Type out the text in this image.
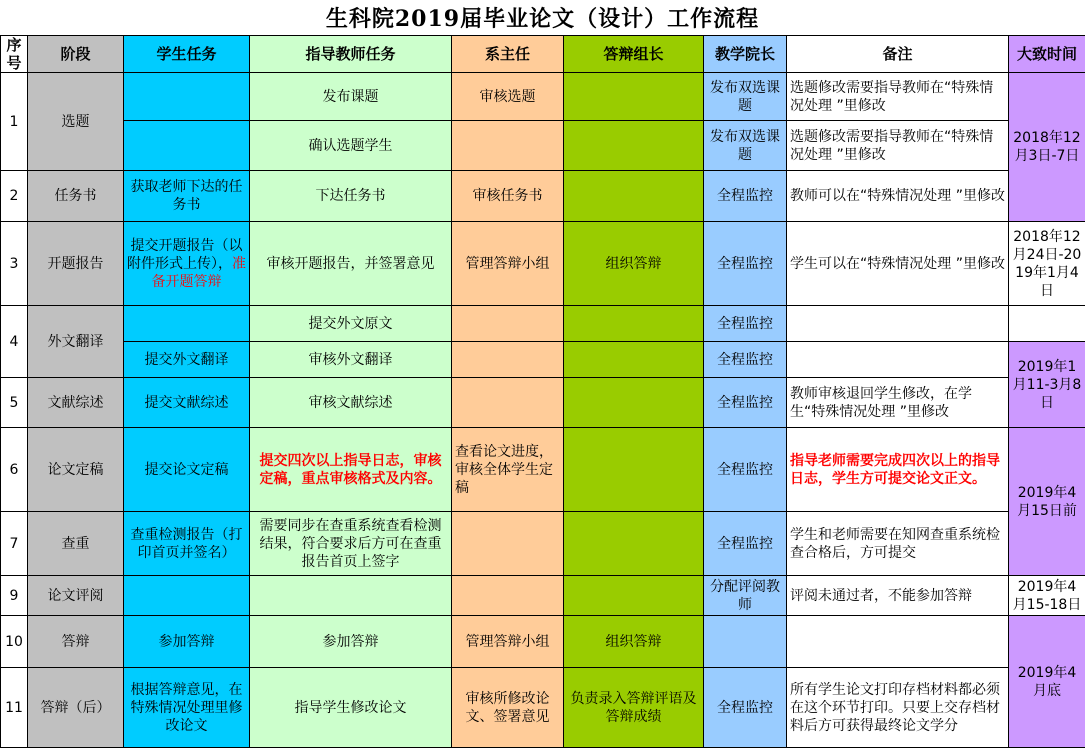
生科院2019届毕业论文（设计）工作流程
序号	阶段	学生任务	指导教师任务	系主任	答辩组长	教学院长	备注	大致时间
1	选题		发布课题	审核选题		发布双选课题	选题修改需要指导教师在“特殊情况处理 ”里修改	2018年12月3日-7日
			确认选题学生			发布双选课题	选题修改需要指导教师在“特殊情况处理 ”里修改	
2	任务书	获取老师下达的任务书	下达任务书	审核任务书		全程监控	教师可以在“特殊情况处理 ”里修改	
3	开题报告	提交开题报告（以附件形式上传），准备开题答辩	审核开题报告，并签署意见	管理答辩小组	组织答辩	全程监控	学生可以在“特殊情况处理 ”里修改	2018年12月24日-2019年1月4日
4	外文翻译		提交外文原文			全程监控		
		提交外文翻译	审核外文翻译			全程监控		2019年1月11-3月8日
5	文献综述	提交文献综述	审核文献综述			全程监控	教师审核退回学生修改，在学生“特殊情况处理 ”里修改	
6	论文定稿	提交论文定稿	提交四次以上指导日志，审核定稿，重点审核格式及内容。	查看论文进度，审核全体学生定稿		全程监控	指导老师需要完成四次以上的指导日志，学生方可提交论文正文。	2019年4月15日前
7	查重	查重检测报告（打印首页并签名）	需要同步在查重系统查看检测结果，符合要求后方可在查重报告首页上签字			全程监控	学生和老师需要在知网查重系统检查合格后，方可提交	
9	论文评阅					分配评阅教师	评阅未通过者，不能参加答辩	2019年4月15-18日
10	答辩	参加答辩	参加答辩	管理答辩小组	组织答辩			2019年4月底
11	答辩（后）	根据答辩意见，在特殊情况处理里修改论文	指导学生修改论文	审核所修改论文、签署意见	负责录入答辩评语及答辩成绩	全程监控	所有学生论文打印存档材料都必须在这个环节打印。只要上交存档材料后方可获得最终论文学分	
